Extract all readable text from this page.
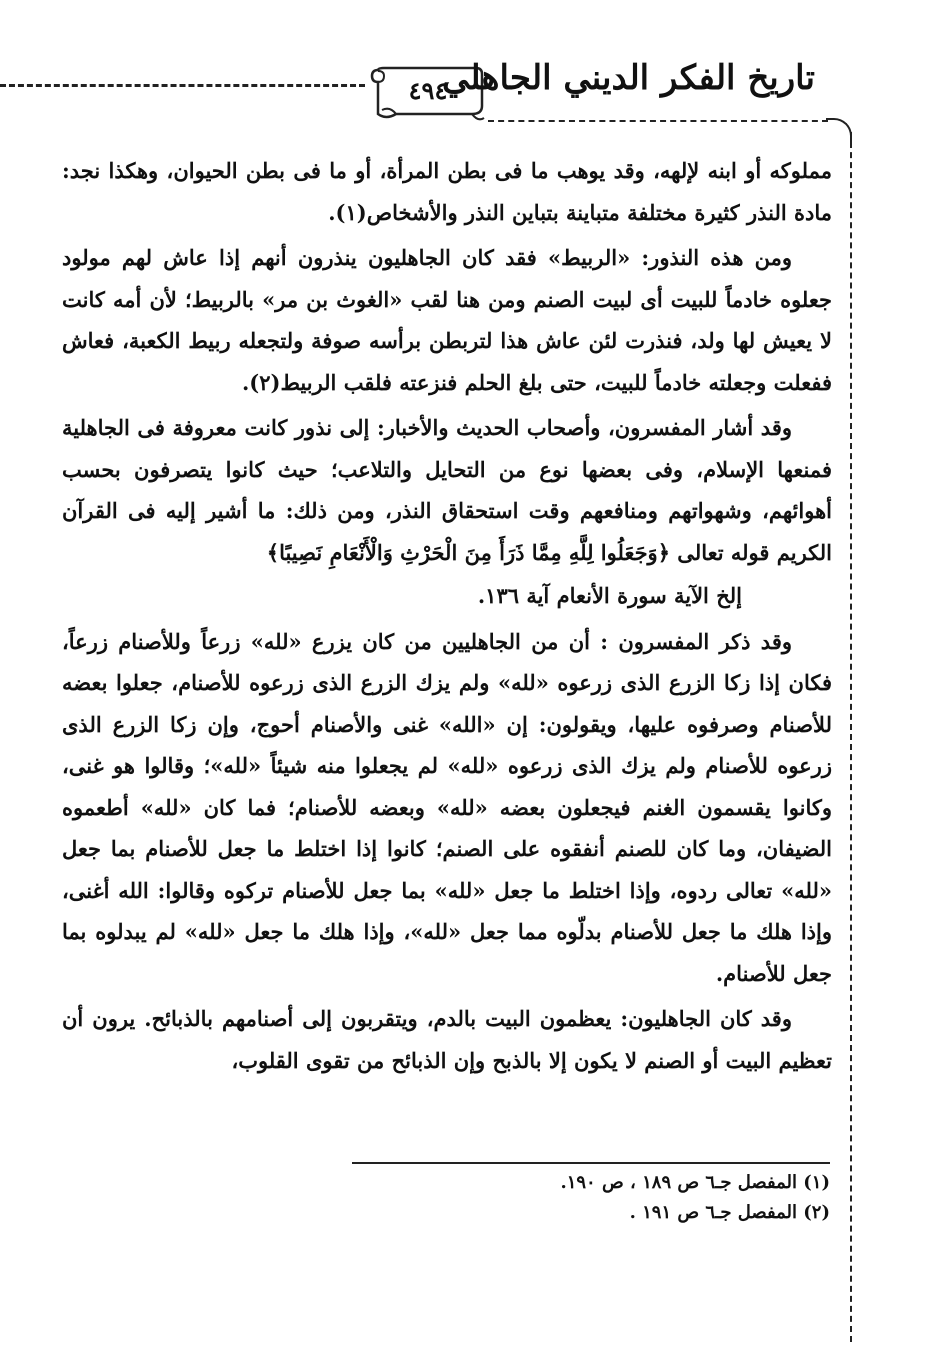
٤٩٤
تاريخ الفكر الديني الجاهلي

مملوكه أو ابنه لإلهه، وقد يوهب ما فى بطن المرأة، أو ما فى بطن الحيوان، وهكذا نجد: مادة النذر كثيرة مختلفة متباينة بتباين النذر والأشخاص(١).

ومن هذه النذور: «الربيط» فقد كان الجاهليون ينذرون أنهم إذا عاش لهم مولود جعلوه خادماً للبيت أى لبيت الصنم ومن هنا لقب «الغوث بن مر» بالربيط؛ لأن أمه كانت لا يعيش لها ولد، فنذرت لئن عاش هذا لتربطن برأسه صوفة ولتجعله ربيط الكعبة، فعاش ففعلت وجعلته خادماً للبيت، حتى بلغ الحلم فنزعته فلقب الربيط(٢).

وقد أشار المفسرون، وأصحاب الحديث والأخبار: إلى نذور كانت معروفة فى الجاهلية فمنعها الإسلام، وفى بعضها نوع من التحايل والتلاعب؛ حيث كانوا يتصرفون بحسب أهوائهم، وشهواتهم ومنافعهم وقت استحقاق النذر، ومن ذلك: ما أشير إليه فى القرآن الكريم قوله تعالى ﴿وَجَعَلُوا لِلَّهِ مِمَّا ذَرَأَ مِنَ الْحَرْثِ وَالْأَنْعَامِ نَصِيبًا﴾

إلخ الآية سورة الأنعام آية ١٣٦.

وقد ذكر المفسرون : أن من الجاهليين من كان يزرع «لله» زرعاً وللأصنام زرعاً، فكان إذا زكا الزرع الذى زرعوه «لله» ولم يزك الزرع الذى زرعوه للأصنام، جعلوا بعضه للأصنام وصرفوه عليها، ويقولون: إن «الله» غنى والأصنام أحوج، وإن زكا الزرع الذى زرعوه للأصنام ولم يزك الذى زرعوه «لله» لم يجعلوا منه شيئاً «لله»؛ وقالوا هو غنى، وكانوا يقسمون الغنم فيجعلون بعضه «لله» وبعضه للأصنام؛ فما كان «لله» أطعموه الضيفان، وما كان للصنم أنفقوه على الصنم؛ كانوا إذا اختلط ما جعل للأصنام بما جعل «لله» تعالى ردوه، وإذا اختلط ما جعل «لله» بما جعل للأصنام تركوه وقالوا: الله أغنى، وإذا هلك ما جعل للأصنام بدلّوه مما جعل «لله»، وإذا هلك ما جعل «لله» لم يبدلوه بما جعل للأصنام.

وقد كان الجاهليون: يعظمون البيت بالدم، ويتقربون إلى أصنامهم بالذبائح. يرون أن تعظيم البيت أو الصنم لا يكون إلا بالذبح وإن الذبائح من تقوى القلوب،

(١) المفصل جـ٦ ص ١٨٩ ، ص ١٩٠.
(٢) المفصل جـ٦ ص ١٩١ .
